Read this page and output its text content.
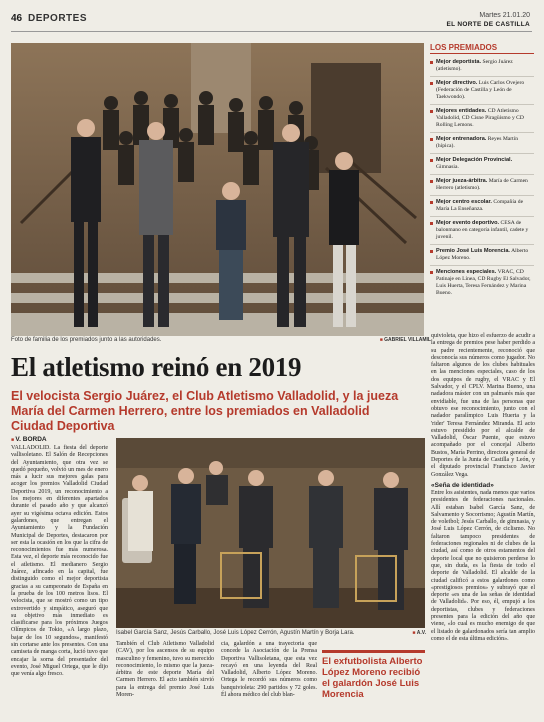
46 DEPORTES	Martes 21.01.20
EL NORTE DE CASTILLA
Foto de familia de los premiados junto a las autoridades.	■ GABRIEL VILLAMIL
LOS PREMIADOS
Mejor deportista. Sergio Juárez (atletismo).
Mejor directivo. Luis Carlos Ovejero (Federación de Castilla y León de Taekwondo).
Mejores entidades. CD Atletismo Valladolid, CD Cisne Piragüismo y CD Rolling Lemons.
Mejor entrenadora. Reyes Martín (hípica).
Mejor Delegación Provincial. Gimnasia.
Mejor jueza-árbitra. María de Carmen Herrero (atletismo).
Mejor centro escolar. Compañía de María La Enseñanza.
Mejor evento deportivo. CESA de balonmano en categoría infantil, cadete y juvenil.
Premio José Luis Morencia. Alberto López Moreno.
Menciones especiales. VRAC, CD Patinaje en Línea, CD Rugby El Salvador, Luis Huerta, Teresa Fernández y Marina Bueno.
El atletismo reinó en 2019
El velocista Sergio Juárez, el Club Atletismo Valladolid, y la jueza María del Carmen Herrero, entre los premiados en Valladolid Ciudad Deportiva
■ V. BORDA
VALLADOLID. La fiesta del deporte vallisoletano. El Salón de Recepciones del Ayuntamiento, que otra vez se quedó pequeño, volvió un mes de enero más a lucir sus mejores galas para acoger los premios Valladolid Ciudad Deportiva 2019, un reconocimiento a los mejores en diferentes apartados durante el pasado año y que alcanzó ayer su vigésima octava edición. Estos galardones, que entregan el Ayuntamiento y la Fundación Municipal de Deportes, destacaron por ser esta la ocasión en los que la cifra de reconocimientos fue más numerosa. Esta vez, el deporte más reconocido fue el atletismo. El medianero Sergio Juárez, afincado en la capital, fue distinguido como el mejor deportista gracias a su campeonato de España en la prueba de los 100 metros lisos. El velocista, que se mostró como un tipo extrovertido y simpático, aseguró que su objetivo más inmediato es clasificarse para los próximos Juegos Olímpicos de Tokio, «A largo plazo, bajar de los 10 segundos», manifestó sin cortarse ante los presentes. Con una camiseta de manga corta, lució tuvo que encajar la sorna del presentador del evento, José Miguel Ortega, que le dijo que venía algo fresco.
Isabel García Sanz, Jesús Carballo, José Luis López Cerrón, Agustín Martín y Borja Lara.	■ A.V.
También el Club Atletismo Valladolid (CAV), por los ascensos de su equipo masculino y femenino, tuvo su merecido reconocimiento, lo mismo que la jueza-árbitra de este deporte María del Carmen Herrero. El acto también sirvió para la entrega del premio José Luis Moren-
cia, galardón a una trayectoria que concede la Asociación de la Prensa Deportiva Vallisoletana, que esta vez recayó en una leyenda del Real Valladolid, Alberto López Moreno. Ortega le recordó sus números como banquivioleta: 290 partidos y 72 goles. Él ahora médico del club blan-
El exfutbolista Alberto López Moreno recibió el galardón José Luis Morencia
quivioleta, que hizo el esfuerzo de acudir a la entrega de premios pese haber perdido a su padre recientemente, reconoció que desconocía sus números como jugador. No faltaron algunos de los clubes habituales en las menciones especiales, caso de los dos equipos de rugby, el VRAC y El Salvador, y el CPLV. Marina Bueno, una nadadora máster con un palmarés más que envidiable, fue una de las personas que obtuvo ese reconocimiento, junto con el nadador paralímpico Luis Huerta y la 'rider' Teresa Fernández Miranda. El acto estuvo presidido por el alcalde de Valladolid, Óscar Puente, que estuvo acompañado por el concejal Alberto Bustos, María Perrino, directora general de Deportes de la Junta de Castilla y León, y el diputado provincial Francisco Javier González Vega.
«Seña de identidad»
Entre los asistentes, nada menos que varios presidentes de federaciones nacionales. Allí estaban Isabel García Sanz, de Salvamento y Socorrismo; Agustín Martín, de voleibol; Jesús Carballo, de gimnasia, y José Luis López Cerrón, de ciclismo. No faltaron tampoco presidentes de federaciones regionales ni de clubes de la ciudad, así como de otros estamentos del deporte local que no quisieron perderse lo que, sin duda, es la fiesta de todo el deporte de Valladolid. El alcalde de la ciudad calificó a estos galardones como «prestigiosos premios» y subrayó que el deporte «es una de las señas de identidad de Valladolid». Por eso, él, empujó a los deportistas, clubes y federaciones presentes para la edición del año que viene, «lo cual es mucho enemigo de que el listado de galardonados sería tan amplio como el de esta última edición».
